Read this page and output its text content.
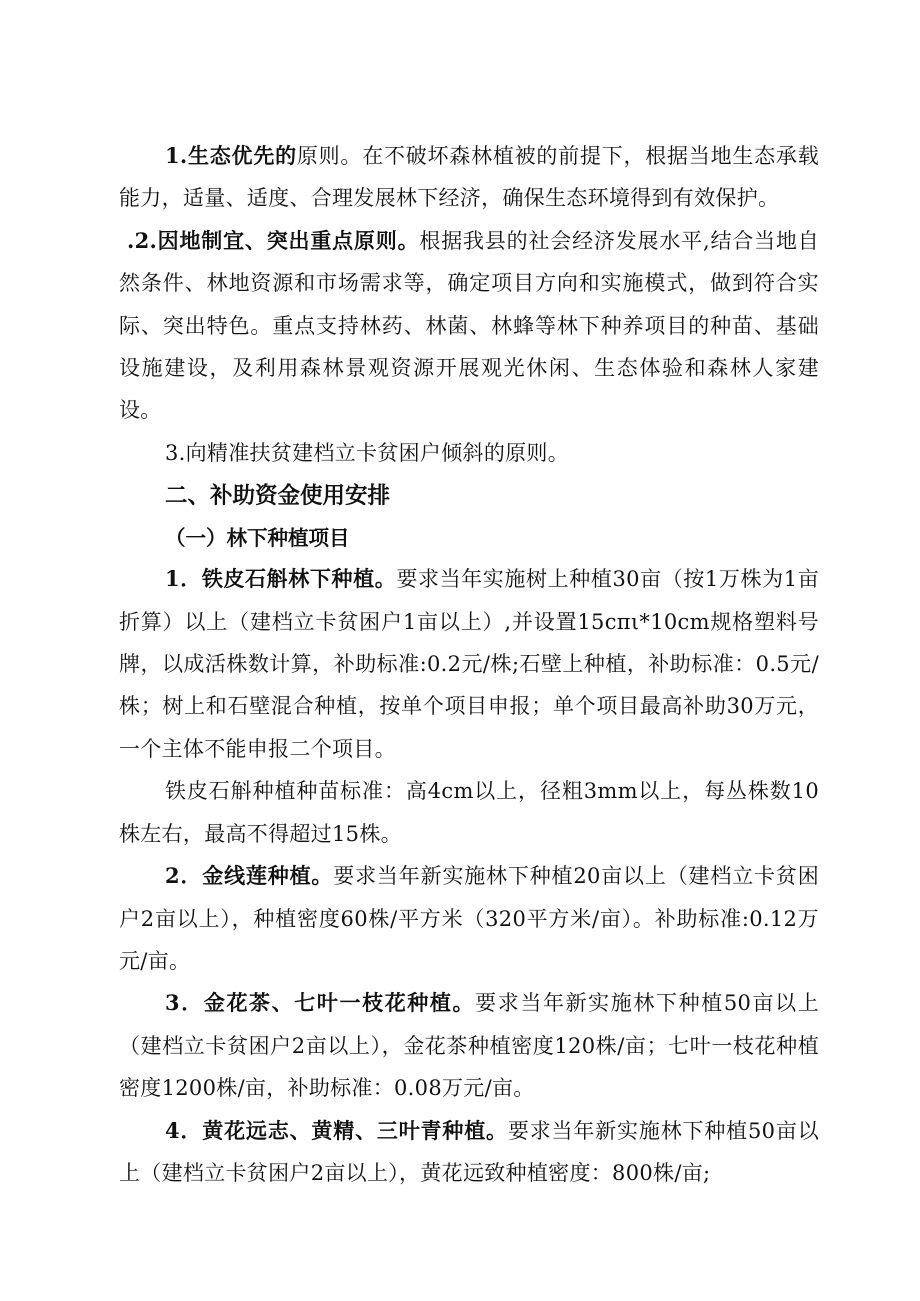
1.生态优先的原则。在不破坏森林植被的前提下，根据当地生态承载能力，适量、适度、合理发展林下经济，确保生态环境得到有效保护。

.2.因地制宜、突出重点原则。根据我县的社会经济发展水平,结合当地自然条件、林地资源和市场需求等，确定项目方向和实施模式，做到符合实际、突出特色。重点支持林药、林菌、林蜂等林下种养项目的种苗、基础设施建设，及利用森林景观资源开展观光休闲、生态体验和森林人家建设。

3.向精准扶贫建档立卡贫困户倾斜的原则。

二、补助资金使用安排
（一）林下种植项目

1．铁皮石斛林下种植。要求当年实施树上种植30亩（按1万株为1亩折算）以上（建档立卡贫困户1亩以上）,并设置15cπι*10cm规格塑料号牌，以成活株数计算，补助标准:0.2元/株;石壁上种植，补助标准：0.5元/株；树上和石壁混合种植，按单个项目申报；单个项目最高补助30万元，一个主体不能申报二个项目。

铁皮石斛种植种苗标准：高4cm以上，径粗3mm以上，每丛株数10株左右，最高不得超过15株。

2．金线莲种植。要求当年新实施林下种植20亩以上（建档立卡贫困户2亩以上），种植密度60株/平方米（320平方米/亩）。补助标准:0.12万元/亩。

3．金花茶、七叶一枝花种植。要求当年新实施林下种植50亩以上（建档立卡贫困户2亩以上），金花茶种植密度120株/亩；七叶一枝花种植密度1200株/亩，补助标准：0.08万元/亩。

4．黄花远志、黄精、三叶青种植。要求当年新实施林下种植50亩以上（建档立卡贫困户2亩以上），黄花远致种植密度：800株/亩;
